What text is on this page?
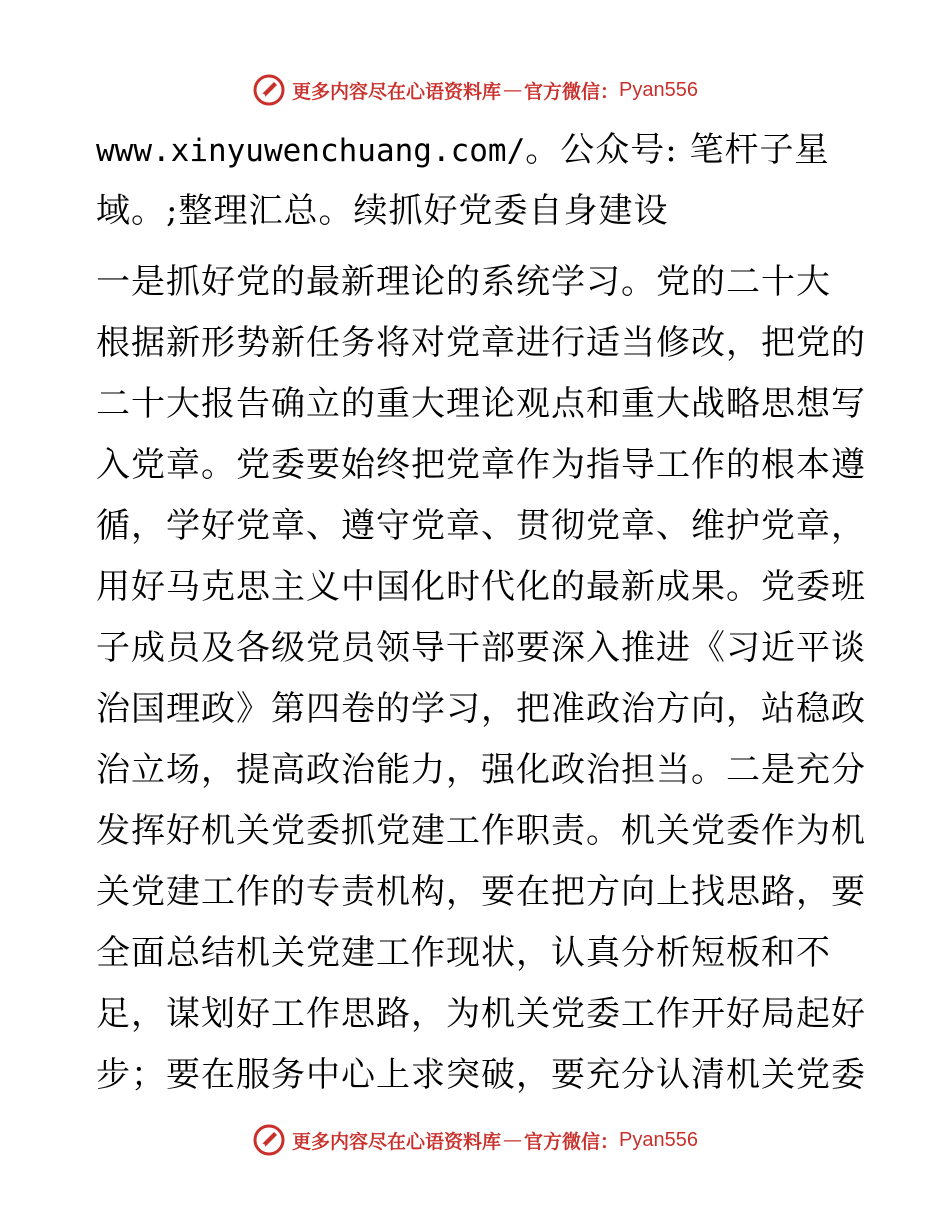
更多内容尽在心语资料库 — 官方微信： Pyan556
www.xinyuwenchuang.com/。公众号: 笔杆子星
域。;整理汇总。续抓好党委自身建设
一是抓好党的最新理论的系统学习。党的二十大
根据新形势新任务将对党章进行适当修改，把党的
二十大报告确立的重大理论观点和重大战略思想写
入党章。党委要始终把党章作为指导工作的根本遵
循，学好党章、遵守党章、贯彻党章、维护党章，
用好马克思主义中国化时代化的最新成果。党委班
子成员及各级党员领导干部要深入推进《习近平谈
治国理政》第四卷的学习，把准政治方向，站稳政
治立场，提高政治能力，强化政治担当。二是充分
发挥好机关党委抓党建工作职责。机关党委作为机
关党建工作的专责机构，要在把方向上找思路，要
全面总结机关党建工作现状，认真分析短板和不
足，谋划好工作思路，为机关党委工作开好局起好
步；要在服务中心上求突破，要充分认清机关党委
更多内容尽在心语资料库 — 官方微信： Pyan556
